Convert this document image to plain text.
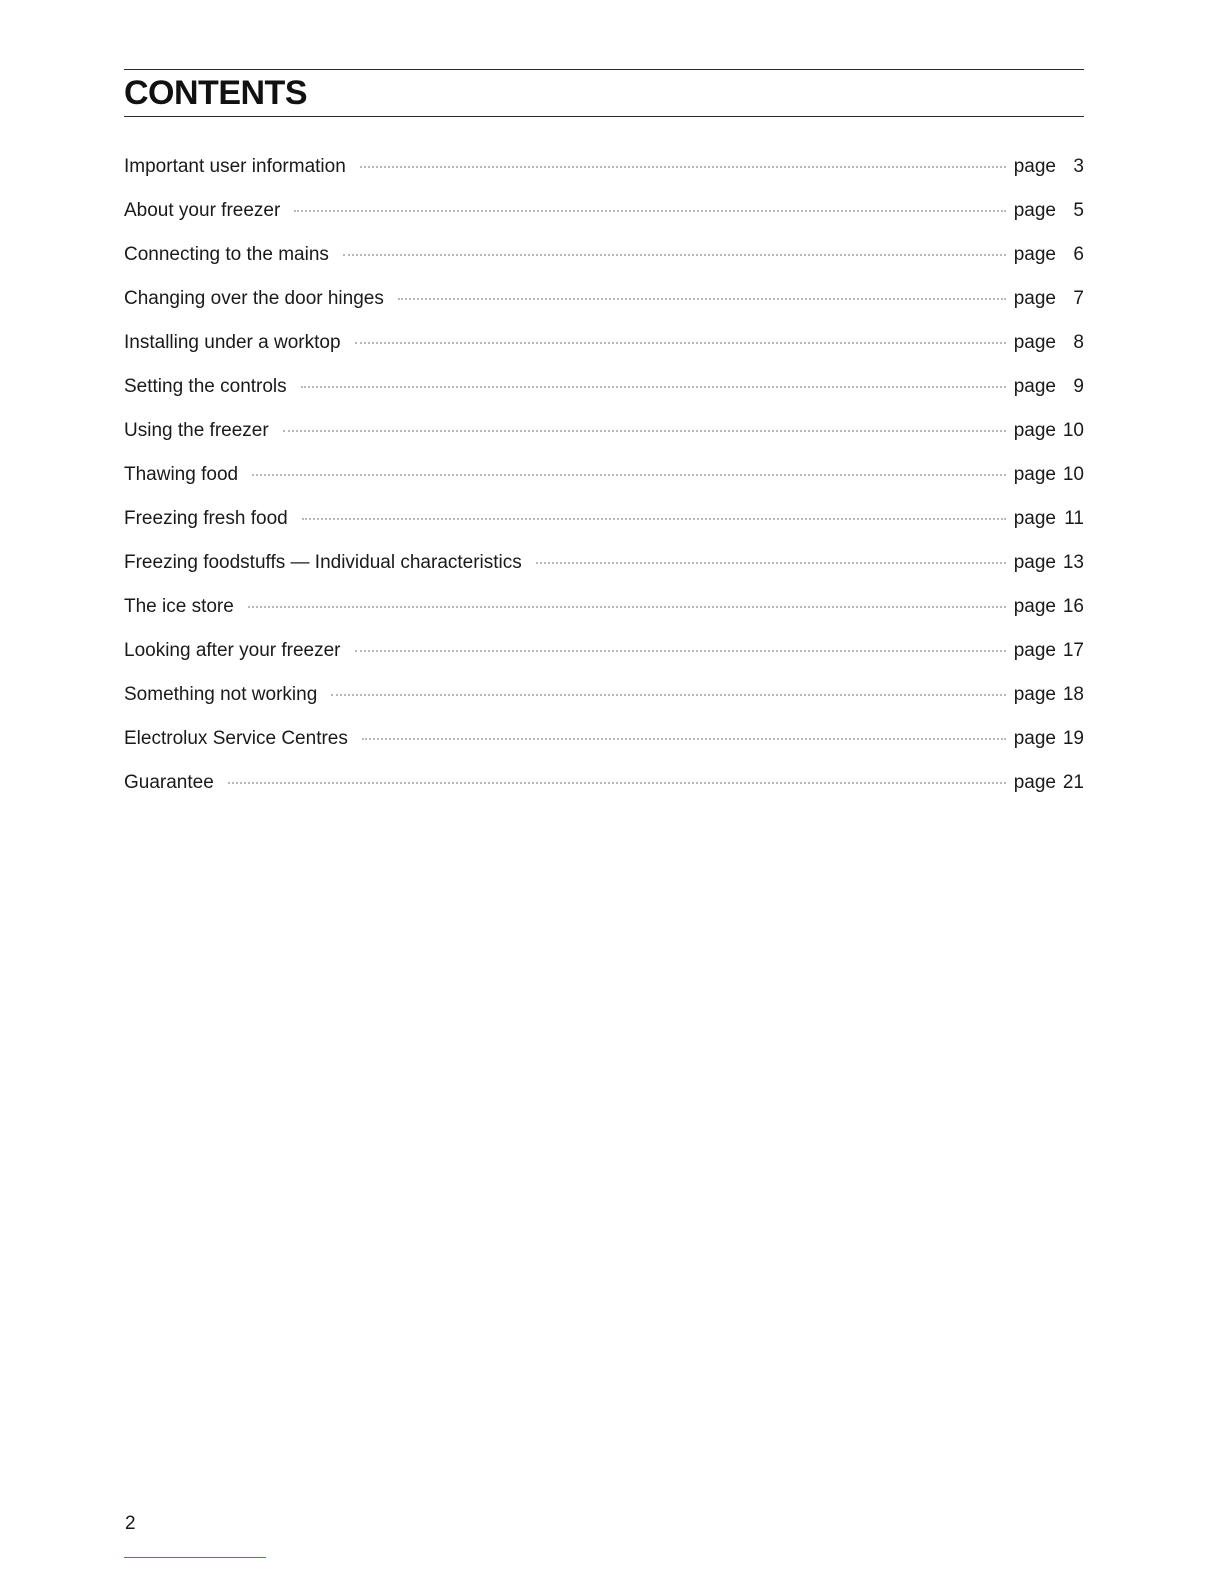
CONTENTS
Important user information	page 3
About your freezer	page 5
Connecting to the mains	page 6
Changing over the door hinges	page 7
Installing under a worktop	page 8
Setting the controls	page 9
Using the freezer	page 10
Thawing food	page 10
Freezing fresh food	page 11
Freezing foodstuffs — Individual characteristics	page 13
The ice store	page 16
Looking after your freezer	page 17
Something not working	page 18
Electrolux Service Centres	page 19
Guarantee	page 21
2
